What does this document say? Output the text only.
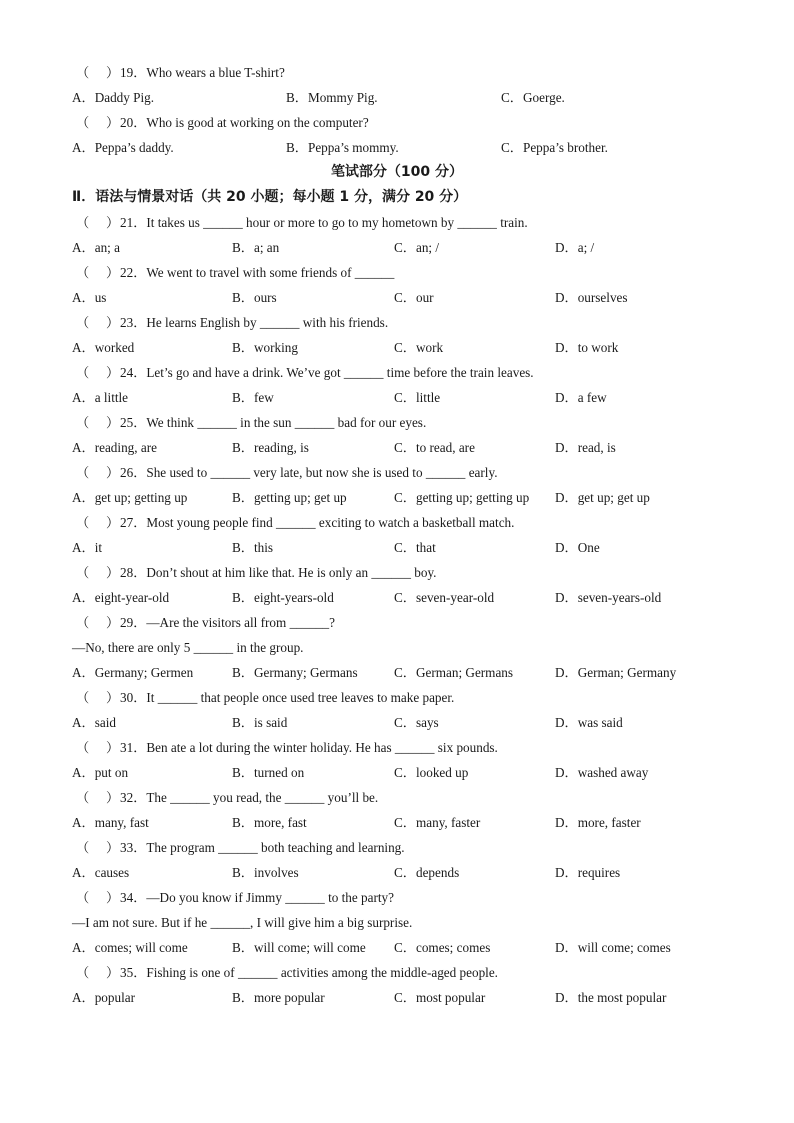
（ ） 19．Who wears a blue T-shirt?
A．Daddy Pig.	B．Mommy Pig.	C．Goerge.
（ ） 20．Who is good at working on the computer?
A．Peppa’s daddy.	B．Peppa’s mommy.	C．Peppa’s brother.
笔试部分（100 分）
Ⅱ．语法与情景对话（共 20 小题；每小题 1 分，满分 20 分）
（ ） 21．It takes us ______ hour or more to go to my hometown by ______ train.
A．an; a	B．a; an	C．an; /	D．a; /
（ ） 22．We went to travel with some friends of ______
A．us	B．ours	C．our	D．ourselves
（ ） 23．He learns English by ______ with his friends.
A．worked	B．working	C．work	D．to work
（ ） 24．Let’s go and have a drink. We’ve got ______ time before the train leaves.
A．a little	B．few	C．little	D．a few
（ ） 25．We think ______ in the sun ______ bad for our eyes.
A．reading, are	B．reading, is	C．to read, are	D．read, is
（ ） 26．She used to ______ very late, but now she is used to ______ early.
A．get up; getting up	B．getting up; get up	C．getting up; getting up D．get up; get up
（ ） 27．Most young people find ______ exciting to watch a basketball match.
A．it	B．this	C．that	D．One
（ ） 28．Don’t shout at him like that. He is only an ______ boy.
A．eight-year-old	B．eight-years-old	C．seven-year-old	D．seven-years-old
（ ） 29．—Are the visitors all from ______?
—No, there are only 5 ______ in the group.
A．Germany; Germen	B．Germany; Germans	C．German; Germans	D．German; Germany
（ ） 30．It ______ that people once used tree leaves to make paper.
A．said	B．is said	C．says	D．was said
（ ） 31．Ben ate a lot during the winter holiday. He has ______ six pounds.
A．put on	B．turned on	C．looked up	D．washed away
（ ） 32．The ______ you read, the ______ you’ll be.
A．many, fast	B．more, fast	C．many, faster	D．more, faster
（ ） 33．The program ______ both teaching and learning.
A．causes	B．involves	C．depends	D．requires
（ ） 34．—Do you know if Jimmy ______ to the party?
—I am not sure. But if he ______, I will give him a big surprise.
A．comes; will come	B．will come; will come C．comes; comes	D．will come; comes
（ ） 35．Fishing is one of ______ activities among the middle-aged people.
A．popular	B．more popular	C．most popular	D．the most popular
